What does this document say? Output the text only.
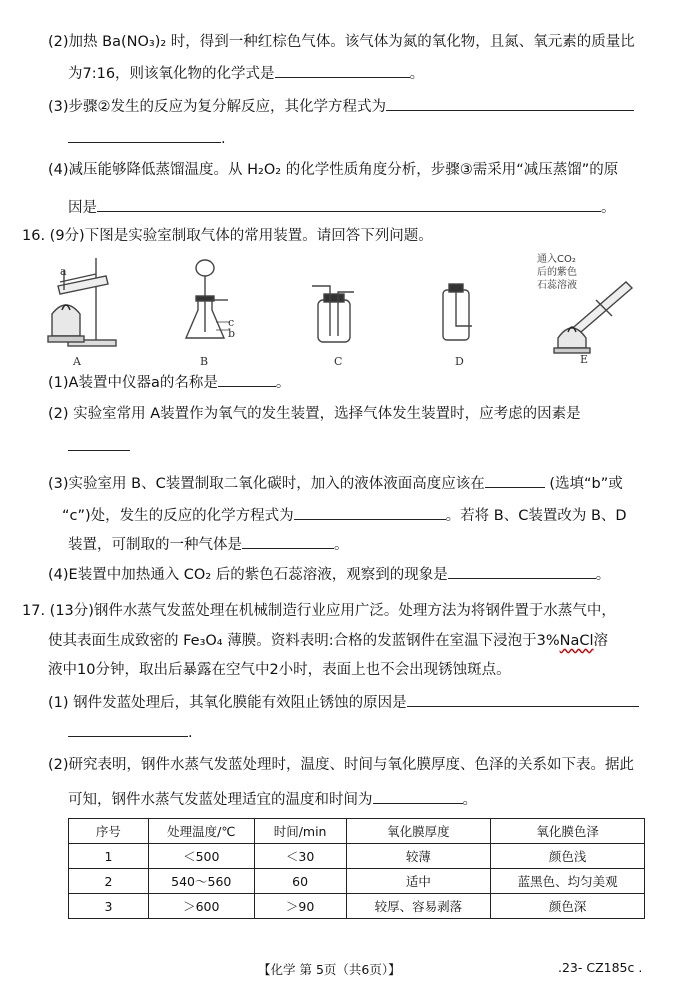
(2)加热 Ba(NO₃)₂ 时，得到一种红棕色气体。该气体为氮的氧化物，且氮、氧元素的质量比
为7:16，则该氧化物的化学式是	。
(3)步骤②发生的反应为复分解反应，其化学方程式为
.
(4)减压能够降低蒸馏温度。从 H₂O₂ 的化学性质角度分析，步骤③需采用“减压蒸馏”的原
因是	。
16. (9分)下图是实验室制取气体的常用装置。请回答下列问题。
a
c
b
A	B	C	D	E
通入CO₂
后的紫色
石蕊溶液
(1)A装置中仪器a的名称是	。
(2) 实验室常用 A装置作为氧气的发生装置，选择气体发生装置时，应考虑的因素是
(3)实验室用 B、C装置制取二氧化碳时，加入的液体液面高度应该在	(选填“b”或
“c”)处，发生的反应的化学方程式为	。若将 B、C装置改为 B、D
装置，可制取的一种气体是	。
(4)E装置中加热通入 CO₂ 后的紫色石蕊溶液，观察到的现象是	。
17. (13分)钢件水蒸气发蓝处理在机械制造行业应用广泛。处理方法为将钢件置于水蒸气中，
使其表面生成致密的 Fe₃O₄ 薄膜。资料表明:合格的发蓝钢件在室温下浸泡于3%NaCl溶
液中10分钟，取出后暴露在空气中2小时，表面上也不会出现锈蚀斑点。
(1) 钢件发蓝处理后，其氧化膜能有效阻止锈蚀的原因是
.
(2)研究表明，钢件水蒸气发蓝处理时，温度、时间与氧化膜厚度、色泽的关系如下表。据此
可知，钢件水蒸气发蓝处理适宜的温度和时间为	。
序号	处理温度/℃	时间/min	氧化膜厚度	氧化膜色泽
1	＜500	＜30	较薄	颜色浅
2	540～560	60	适中	蓝黑色、均匀美观
3	＞600	＞90	较厚、容易剥落	颜色深
【化学 第 5页（共6页）】	.23- CZ185c .
